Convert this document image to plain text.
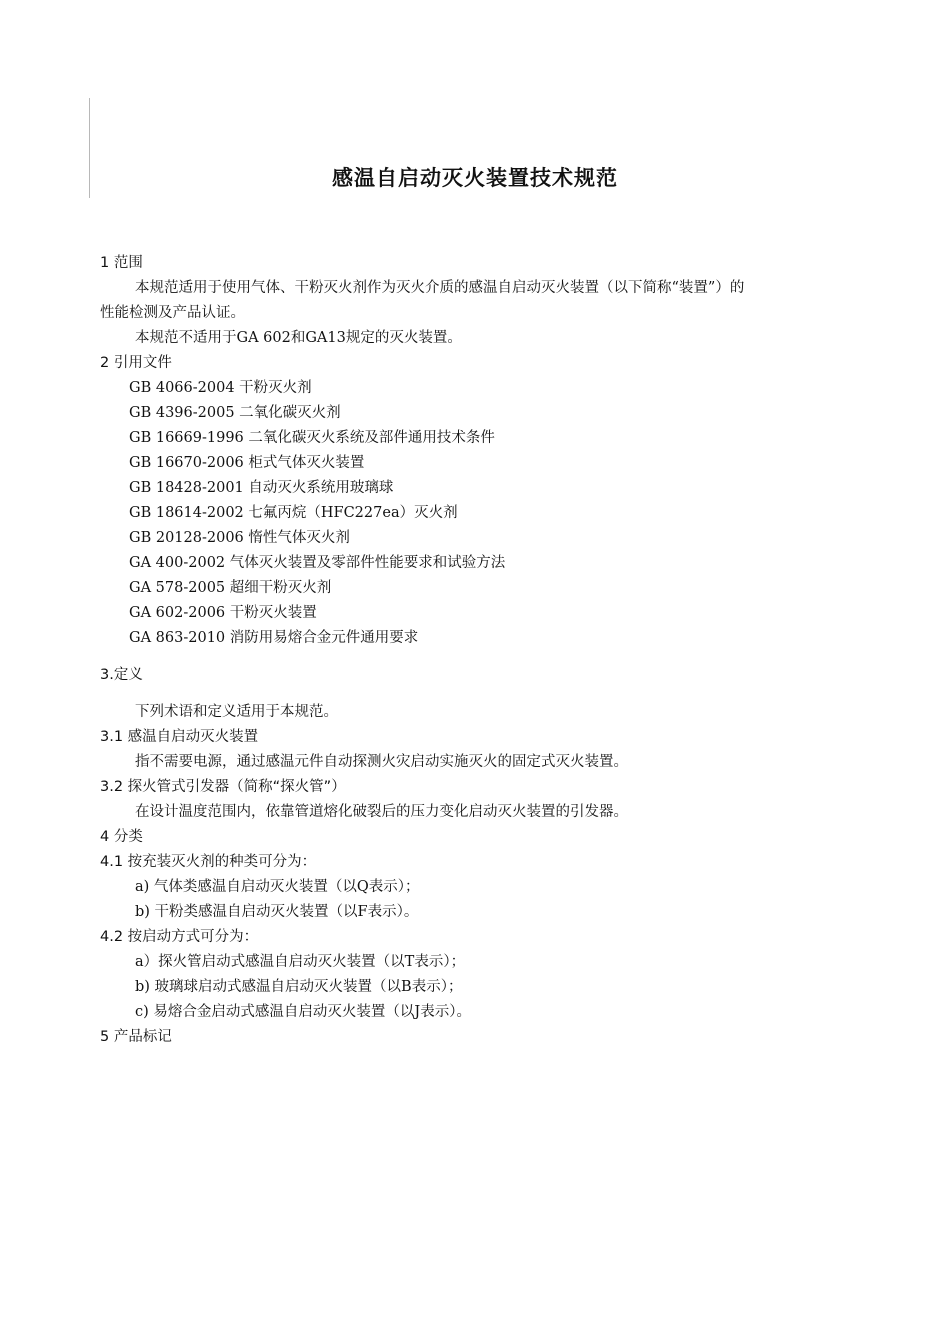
感温自启动灭火装置技术规范
1 范围
本规范适用于使用气体、干粉灭火剂作为灭火介质的感温自启动灭火装置（以下简称“装置”）的
性能检测及产品认证。
本规范不适用于GA 602和GA13规定的灭火装置。
2 引用文件
GB 4066-2004 干粉灭火剂
GB 4396-2005 二氧化碳灭火剂
GB 16669-1996 二氧化碳灭火系统及部件通用技术条件
GB 16670-2006 柜式气体灭火装置
GB 18428-2001 自动灭火系统用玻璃球
GB 18614-2002 七氟丙烷（HFC227ea）灭火剂
GB 20128-2006 惰性气体灭火剂
GA 400-2002 气体灭火装置及零部件性能要求和试验方法
GA 578-2005 超细干粉灭火剂
GA 602-2006 干粉灭火装置
GA 863-2010 消防用易熔合金元件通用要求
3.定义
下列术语和定义适用于本规范。
3.1 感温自启动灭火装置
指不需要电源，通过感温元件自动探测火灾启动实施灭火的固定式灭火装置。
3.2 探火管式引发器（简称“探火管”）
在设计温度范围内，依靠管道熔化破裂后的压力变化启动灭火装置的引发器。
4 分类
4.1 按充装灭火剂的种类可分为：
a) 气体类感温自启动灭火装置（以Q表示）；
b) 干粉类感温自启动灭火装置（以F表示）。
4.2 按启动方式可分为：
a）探火管启动式感温自启动灭火装置（以T表示）；
b) 玻璃球启动式感温自启动灭火装置（以B表示）；
c) 易熔合金启动式感温自启动灭火装置（以J表示）。
5 产品标记
